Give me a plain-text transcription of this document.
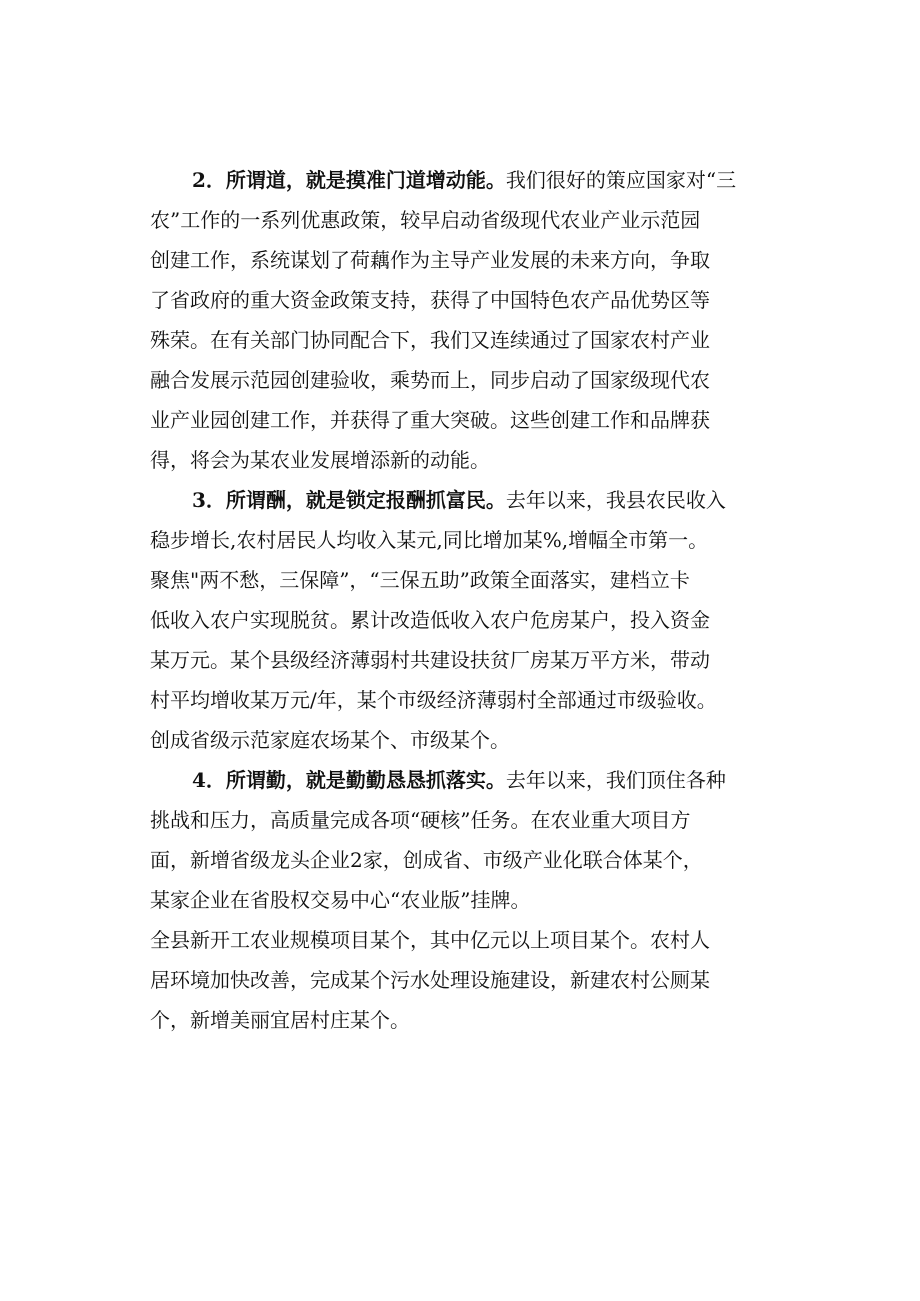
2．所谓道，就是摸准门道增动能。我们很好的策应国家对“三
农”工作的一系列优惠政策，较早启动省级现代农业产业示范园
创建工作，系统谋划了荷藕作为主导产业发展的未来方向，争取
了省政府的重大资金政策支持，获得了中国特色农产品优势区等
殊荣。在有关部门协同配合下，我们又连续通过了国家农村产业
融合发展示范园创建验收，乘势而上，同步启动了国家级现代农
业产业园创建工作，并获得了重大突破。这些创建工作和品牌获
得，将会为某农业发展增添新的动能。
3．所谓酬，就是锁定报酬抓富民。去年以来，我县农民收入
稳步增长,农村居民人均收入某元,同比增加某%,增幅全市第一。
聚焦"两不愁，三保障”，“三保五助”政策全面落实，建档立卡
低收入农户实现脱贫。累计改造低收入农户危房某户，投入资金
某万元。某个县级经济薄弱村共建设扶贫厂房某万平方米，带动
村平均增收某万元/年，某个市级经济薄弱村全部通过市级验收。
创成省级示范家庭农场某个、市级某个。
4．所谓勤，就是勤勤恳恳抓落实。去年以来，我们顶住各种
挑战和压力，高质量完成各项“硬核”任务。在农业重大项目方
面，新增省级龙头企业2家，创成省、市级产业化联合体某个，
某家企业在省股权交易中心“农业版”挂牌。
全县新开工农业规模项目某个，其中亿元以上项目某个。农村人
居环境加快改善，完成某个污水处理设施建设，新建农村公厕某
个，新增美丽宜居村庄某个。
